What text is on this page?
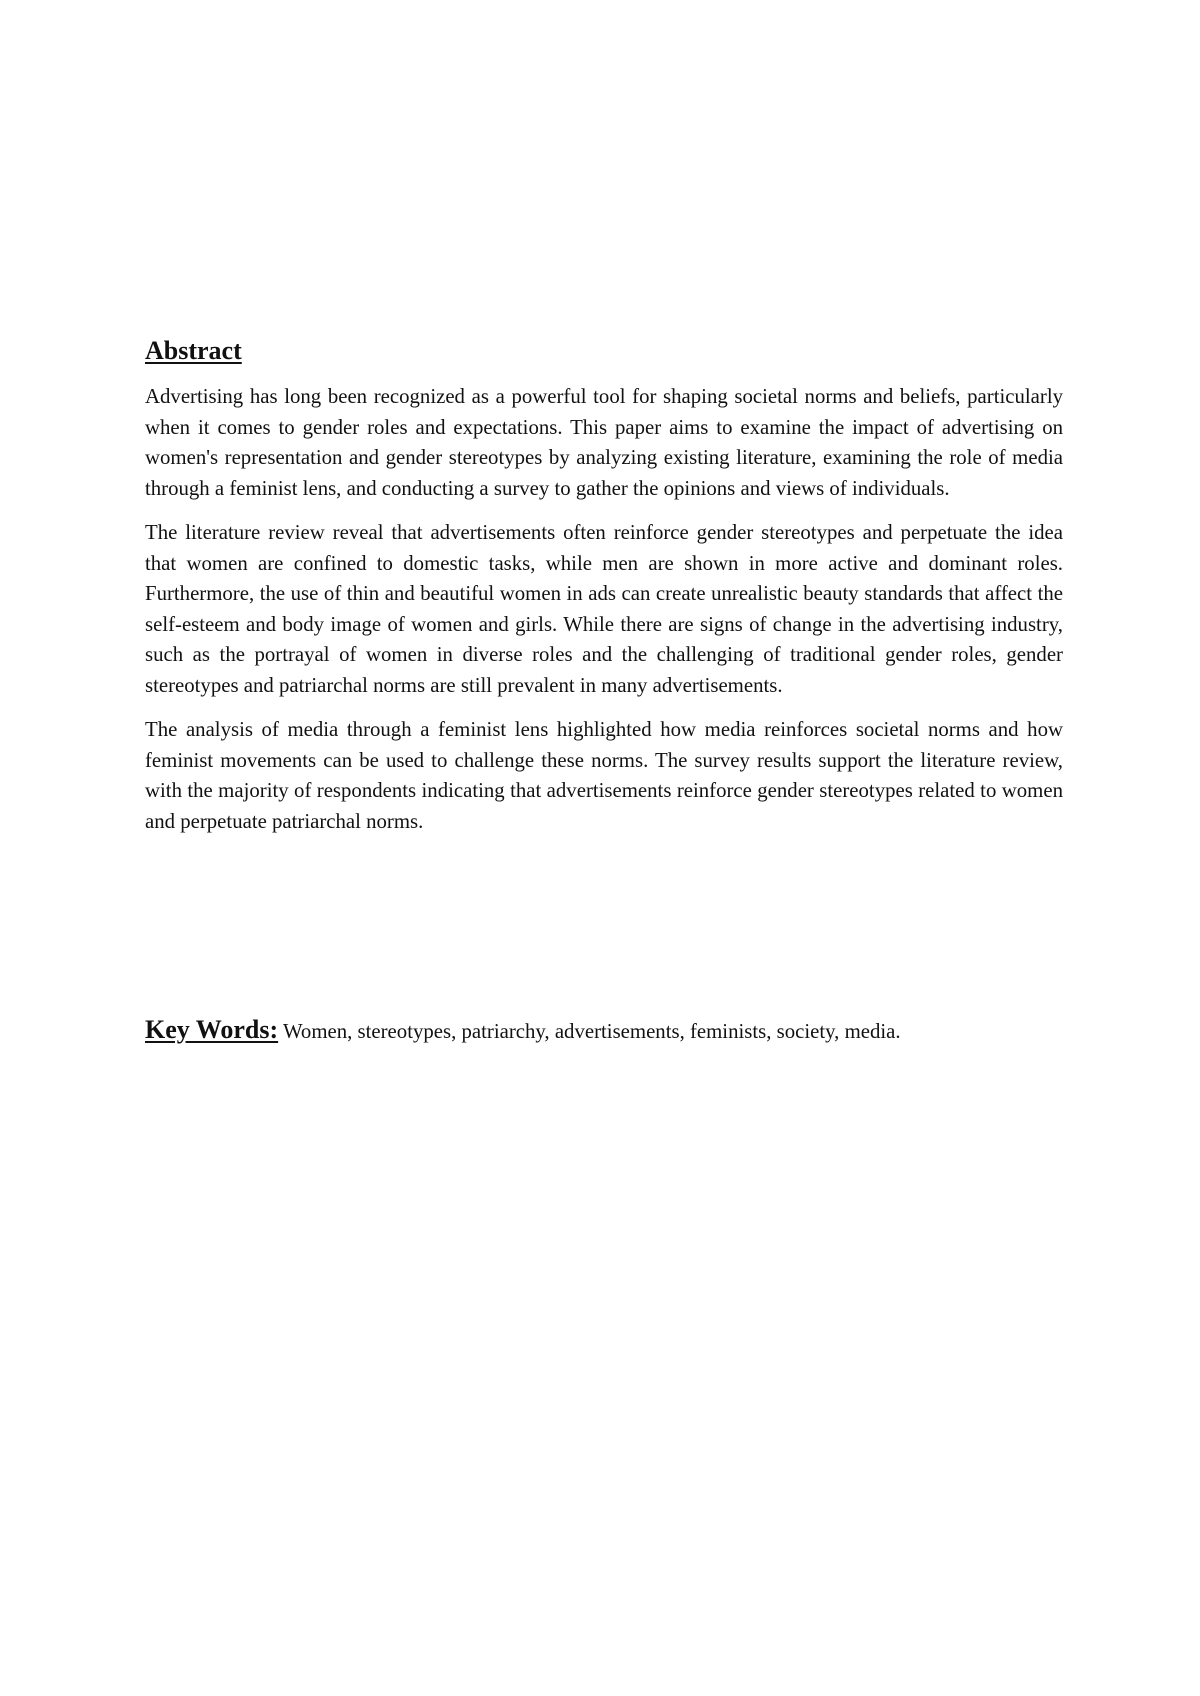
Abstract

Advertising has long been recognized as a powerful tool for shaping societal norms and beliefs, particularly when it comes to gender roles and expectations. This paper aims to examine the impact of advertising on women's representation and gender stereotypes by analyzing existing literature, examining the role of media through a feminist lens, and conducting a survey to gather the opinions and views of individuals.

The literature review reveal that advertisements often reinforce gender stereotypes and perpetuate the idea that women are confined to domestic tasks, while men are shown in more active and dominant roles. Furthermore, the use of thin and beautiful women in ads can create unrealistic beauty standards that affect the self-esteem and body image of women and girls. While there are signs of change in the advertising industry, such as the portrayal of women in diverse roles and the challenging of traditional gender roles, gender stereotypes and patriarchal norms are still prevalent in many advertisements.

The analysis of media through a feminist lens highlighted how media reinforces societal norms and how feminist movements can be used to challenge these norms. The survey results support the literature review, with the majority of respondents indicating that advertisements reinforce gender stereotypes related to women and perpetuate patriarchal norms.

Key Words: Women, stereotypes, patriarchy, advertisements, feminists, society, media.
